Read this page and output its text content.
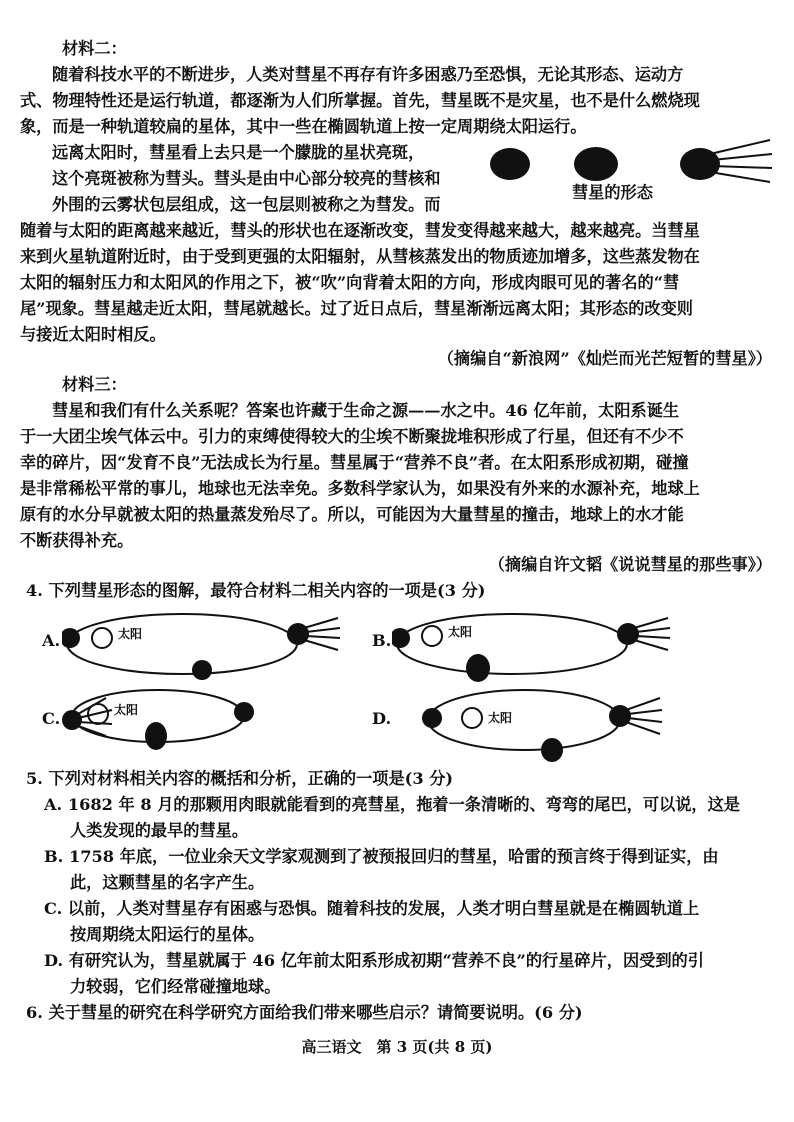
材料二：

随着科技水平的不断进步，人类对彗星不再存有许多困惑乃至恐惧，无论其形态、运动方

式、物理特性还是运行轨道，都逐渐为人们所掌握。首先，彗星既不是灾星，也不是什么燃烧现

象，而是一种轨道较扁的星体，其中一些在椭圆轨道上按一定周期绕太阳运行。

远离太阳时，彗星看上去只是一个朦胧的星状亮斑，

这个亮斑被称为彗头。彗头是由中心部分较亮的彗核和

外围的云雾状包层组成，这一包层则被称之为彗发。而

彗星的形态

随着与太阳的距离越来越近，彗头的形状也在逐渐改变，彗发变得越来越大，越来越亮。当彗星

来到火星轨道附近时，由于受到更强的太阳辐射，从彗核蒸发出的物质迹加增多，这些蒸发物在

太阳的辐射压力和太阳风的作用之下，被“吹”向背着太阳的方向，形成肉眼可见的著名的“彗

尾”现象。彗星越走近太阳，彗尾就越长。过了近日点后，彗星渐渐远离太阳；其形态的改变则

与接近太阳时相反。

（摘编自“新浪网”《灿烂而光芒短暂的彗星》）

材料三：

彗星和我们有什么关系呢？答案也许藏于生命之源——水之中。46 亿年前，太阳系诞生

于一大团尘埃气体云中。引力的束缚使得较大的尘埃不断聚拢堆积形成了行星，但还有不少不

幸的碎片，因“发育不良”无法成长为行星。彗星属于“营养不良”者。在太阳系形成初期，碰撞

是非常稀松平常的事儿，地球也无法幸免。多数科学家认为，如果没有外来的水源补充，地球上

原有的水分早就被太阳的热量蒸发殆尽了。所以，可能因为大量彗星的撞击，地球上的水才能

不断获得补充。

（摘编自许文韬《说说彗星的那些事》）

4. 下列彗星形态的图解，最符合材料二相关内容的一项是(3 分)

A.	太阳	B.	太阳
C.	太阳	D.	太阳

5. 下列对材料相关内容的概括和分析，正确的一项是(3 分)

A. 1682 年 8 月的那颗用肉眼就能看到的亮彗星，拖着一条清晰的、弯弯的尾巴，可以说，这是

人类发现的最早的彗星。

B. 1758 年底，一位业余天文学家观测到了被预报回归的彗星，哈雷的预言终于得到证实，由

此，这颗彗星的名字产生。

C. 以前，人类对彗星存有困惑与恐惧。随着科技的发展，人类才明白彗星就是在椭圆轨道上

按周期绕太阳运行的星体。

D. 有研究认为，彗星就属于 46 亿年前太阳系形成初期“营养不良”的行星碎片，因受到的引

力较弱，它们经常碰撞地球。

6. 关于彗星的研究在科学研究方面给我们带来哪些启示？请简要说明。(6 分)

高三语文　第 3 页(共 8 页)
